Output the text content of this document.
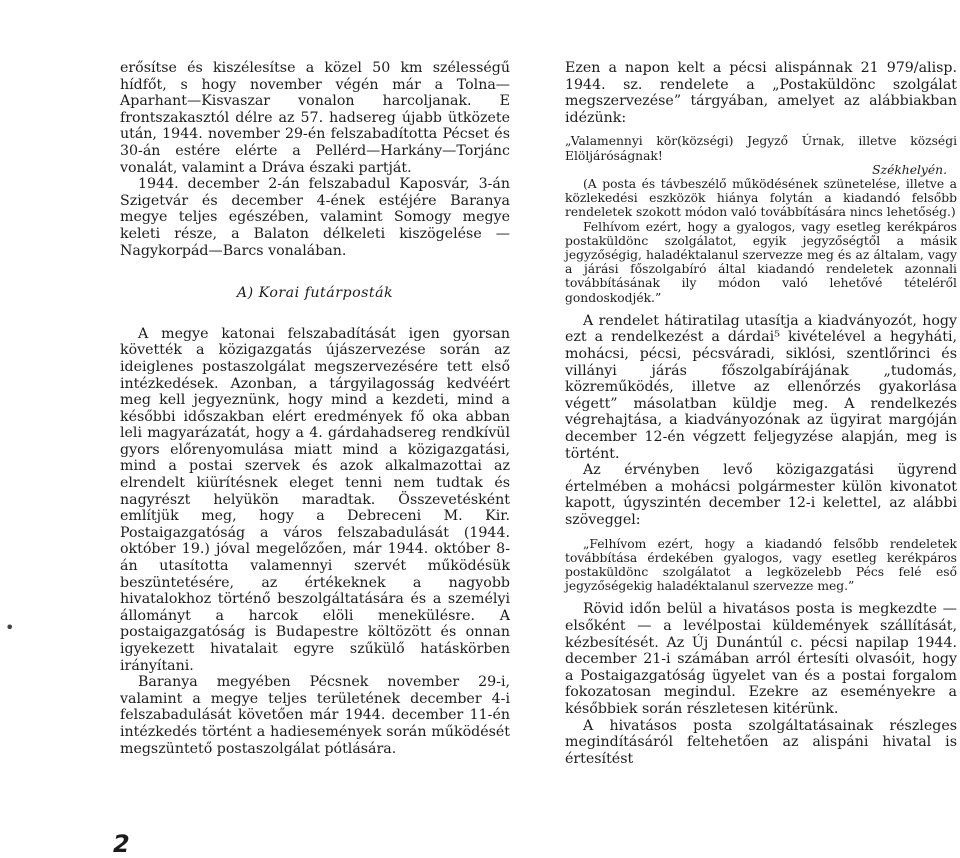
erősítse és kiszélesítse a közel 50 km szélességű hídfőt, s hogy november végén már a Tolna—Aparhant—Kisvaszar vonalon harcoljanak. E frontszakasztól délre az 57. hadsereg újabb ütközete után, 1944. november 29-én felszabadította Pécset és 30-án estére elérte a Pellérd—Harkány—Torjánc vonalát, valamint a Dráva északi partját.

1944. december 2-án felszabadul Kaposvár, 3-án Szigetvár és december 4-ének estéjére Baranya megye teljes egészében, valamint Somogy megye keleti része, a Balaton délkeleti kiszögelése — Nagykorpád—Barcs vonalában.

A) Korai futárposták

A megye katonai felszabadítását igen gyorsan követték a közigazgatás újászervezése során az ideiglenes postaszolgálat megszervezésére tett első intézkedések. Azonban, a tárgyilagosság kedvéért meg kell jegyeznünk, hogy mind a kezdeti, mind a későbbi időszakban elért eredmények fő oka abban leli magyarázatát, hogy a 4. gárdahadsereg rendkívül gyors előrenyomulása miatt mind a közigazgatási, mind a postai szervek és azok alkalmazottai az elrendelt kiürítésnek eleget tenni nem tudtak és nagyrészt helyükön maradtak. Összevetésként említjük meg, hogy a Debreceni M. Kir. Postaigazgatóság a város felszabadulását (1944. október 19.) jóval megelőzően, már 1944. október 8-án utasította valamennyi szervét működésük beszüntetésére, az értékeknek a nagyobb hivatalokhoz történő beszolgáltatására és a személyi állományt a harcok elöli menekülésre. A postaigazgatóság is Budapestre költözött és onnan igyekezett hivatalait egyre szűkülő hatáskörben irányítani.

Baranya megyében Pécsnek november 29-i, valamint a megye teljes területének december 4-i felszabadulását követően már 1944. december 11-én intézkedés történt a hadiesemények során működését megszüntető postaszolgálat pótlására.

Ezen a napon kelt a pécsi alispánnak 21 979/alisp. 1944. sz. rendelete a „Postaküldönc szolgálat megszervezése” tárgyában, amelyet az alábbiakban idézünk:

„Valamennyi kör(községi) Jegyző Úrnak, illetve községi Elöljáróságnak!

Székhelyén.

(A posta és távbeszélő működésének szünetelése, illetve a közlekedési eszközök hiánya folytán a kiadandó felsőbb rendeletek szokott módon való továbbítására nincs lehetőség.)

Felhívom ezért, hogy a gyalogos, vagy esetleg kerékpáros postaküldönc szolgálatot, egyik jegyzőségtől a másik jegyzőségig, haladéktalanul szervezze meg és az általam, vagy a járási főszolgabíró által kiadandó rendeletek azonnali továbbításának ily módon való lehetővé tételéről gondoskodjék.”

A rendelet hátiratilag utasítja a kiadványozót, hogy ezt a rendelkezést a dárdai⁵ kivételével a hegyháti, mohácsi, pécsi, pécsváradi, siklósi, szentlőrinci és villányi járás főszolgabírájának „tudomás, közreműködés, illetve az ellenőrzés gyakorlása végett” másolatban küldje meg. A rendelkezés végrehajtása, a kiadványozónak az ügyirat margóján december 12-én végzett feljegyzése alapján, meg is történt.

Az érvényben levő közigazgatási ügyrend értelmében a mohácsi polgármester külön kivonatot kapott, úgyszintén december 12-i kelettel, az alábbi szöveggel:

„Felhívom ezért, hogy a kiadandó felsőbb rendeletek továbbítása érdekében gyalogos, vagy esetleg kerékpáros postaküldönc szolgálatot a legközelebb Pécs felé eső jegyzőségekig haladéktalanul szervezze meg.”

Rövid időn belül a hivatásos posta is megkezdte — elsőként — a levélpostai küldemények szállítását, kézbesítését. Az Új Dunántúl c. pécsi napilap 1944. december 21-i számában arról értesíti olvasóit, hogy a Postaigazgatóság ügyelet van és a postai forgalom fokozatosan megindul. Ezekre az eseményekre a későbbiek során részletesen kitérünk.

A hivatásos posta szolgáltatásainak részleges megindításáról feltehetően az alispáni hivatal is értesítést

•
2
